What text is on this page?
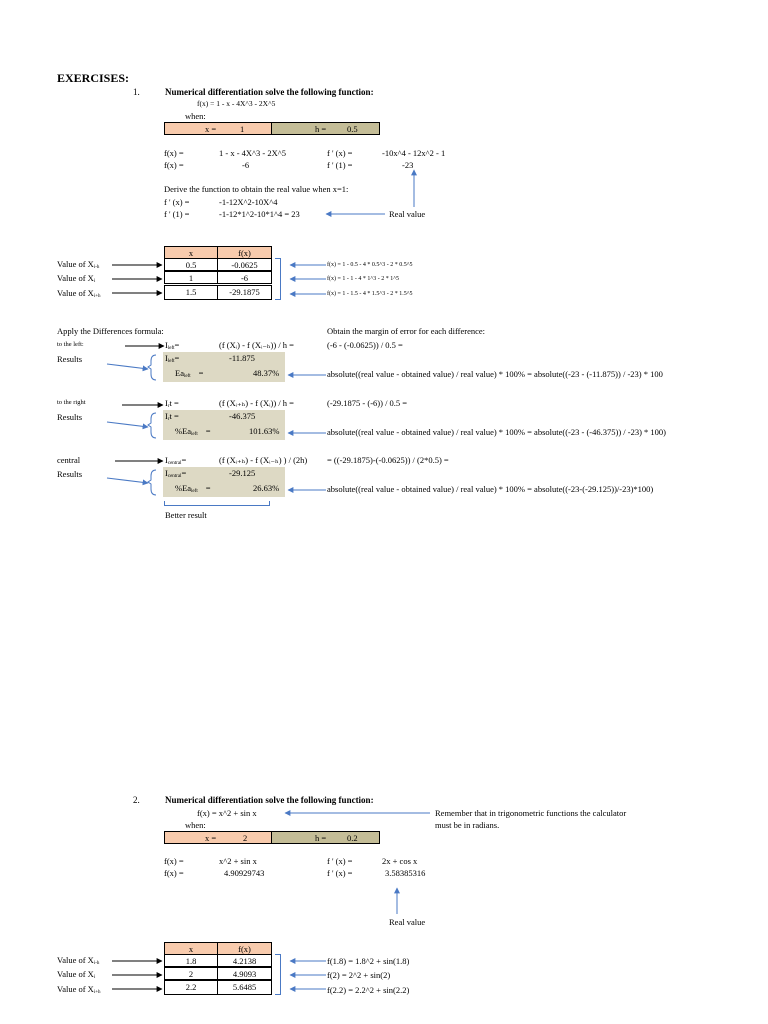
EXERCISES:
1.	Numerical differentiation solve the following function:
f(x) = 1 - x - 4X^3 - 2X^5
when:
x =	1	h = 0.5
f(x) =	1 - x - 4X^3 - 2X^5
f(x) =	-6
f ' (x) =	-10x^4 - 12x^2 - 1
f ' (1) =	-23
Derive the function to obtain the real value when x=1:
f ' (x) =	-1-12X^2-10X^4
f ' (1) =	-1-12*1^2-10*1^4 = 23	Real value
x	f(x)
0.5	-0.0625
1	-6
1.5	-29.1875
Value of $X_{i-h}$
Value of $X_i$
Value of $X_{i+h}$
f(x) = 1 - 0.5 - 4 * 0.5^3 - 2 * 0.5^5
f(x) = 1 - 1 - 4 * 1^3 - 2 * 1^5
f(x) = 1 - 1.5 - 4 * 1.5^3 - 2 * 1.5^5
Apply the Differences formula:	Obtain the margin of error for each difference:
to the left:	$I_{left}=$	(f (Xᵢ) - f (Xᵢ₋ₕ)) / h =	(-6 - (-0.0625)) / 0.5 =
Results	$I_{left}=$	-11.875
$Ea_{left}$ =	48.37%	absolute((real value - obtained value) / real value) * 100% = absolute((-23 - (-11.875)) / -23) * 100
to the right	$I_rt$ =	(f (Xᵢ₊ₕ) - f (Xᵢ)) / h =	(-29.1875 - (-6)) / 0.5 =
Results	$I_rt$ =	-46.375
$\%Ea_{left}$ =	101.63%	absolute((real value - obtained value) / real value) * 100% = absolute((-23 - (-46.375)) / -23) * 100)
central	$I_{central}=$	(f (Xᵢ₊ₕ) - f (Xᵢ₋ₕ) ) / (2h) = ((-29.1875)-(-0.0625)) / (2*0.5) =
Results	$I_{central}=$	-29.125
$\%Ea_{left}$ =	26.63%	absolute((real value - obtained value) / real value) * 100% = absolute((-23-(-29.125))/-23)*100)
Better result
2.	Numerical differentiation solve the following function:
f(x) = x^2 + sin x
when:
Remember that in trigonometric functions the calculator
must be in radians.
x =	2	h = 0.2
f(x) =	x^2 + sin x
f(x) =	4.90929743
f ' (x) =	2x + cos x
f ' (x) =	3.58385316
Real value
x	f(x)
1.8	4.2138
2	4.9093
2.2	5.6485
Value of $X_{i-h}$
Value of $X_i$
Value of $X_{i+h}$
f(1.8) = 1.8^2 + sin(1.8)
f(2) = 2^2 + sin(2)
f(2.2) = 2.2^2 + sin(2.2)
